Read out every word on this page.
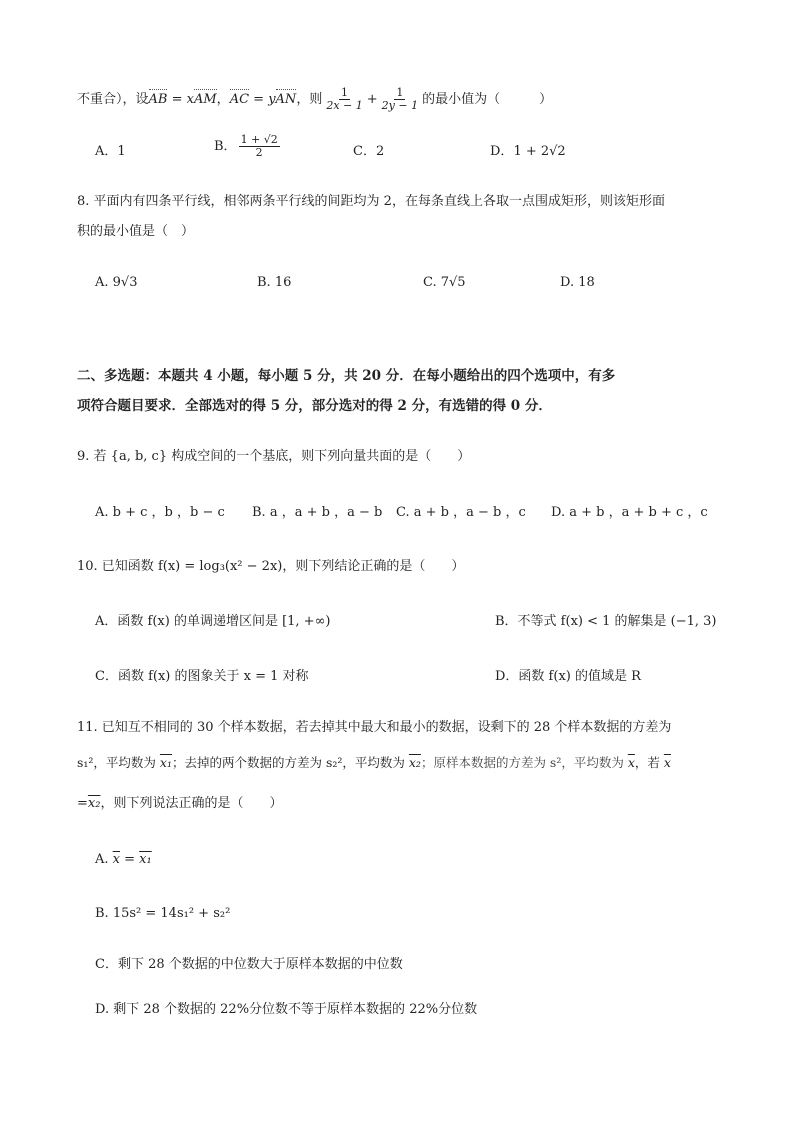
不重合），设AB = xAM，AC = yAN，则 $\frac{1}{2x - 1} + \frac{1}{2y - 1}$ 的最小值为（　　　）
A．1	B． $\frac{1 + √2}{2}$	C．2	D．1 + 2√2
8. 平面内有四条平行线，相邻两条平行线的间距均为 2，在每条直线上各取一点围成矩形，则该矩形面
积的最小值是（　）
A. 9√3	B. 16	C. 7√5	D. 18
二、多选题：本题共 4 小题，每小题 5 分，共 20 分．在每小题给出的四个选项中，有多
项符合题目要求．全部选对的得 5 分，部分选对的得 2 分，有选错的得 0 分．
9. 若 {a, b, c} 构成空间的一个基底，则下列向量共面的是（　　）
A. b + c ，b ，b − c B. a ，a + b ，a − b C. a + b ，a − b ，c D. a + b ，a + b + c ，c
10. 已知函数 f(x) = log₃(x² − 2x)，则下列结论正确的是（　　）
A．函数 f(x) 的单调递增区间是 [1, +∞)	B．不等式 f(x) < 1 的解集是 (−1, 3)
C．函数 f(x) 的图象关于 x = 1 对称	D．函数 f(x) 的值域是 R
11. 已知互不相同的 30 个样本数据，若去掉其中最大和最小的数据，设剩下的 28 个样本数据的方差为
s₁²，平均数为 x₁；去掉的两个数据的方差为 s₂²，平均数为 x₂；原样本数据的方差为 s²，平均数为 $\overline{x}$，若 $\overline{x}$
=x₂，则下列说法正确的是（　　）
A. $\overline{x} = x_1$
B. 15s² = 14s₁² + s₂²
C．剩下 28 个数据的中位数大于原样本数据的中位数
D. 剩下 28 个数据的 22%分位数不等于原样本数据的 22%分位数
